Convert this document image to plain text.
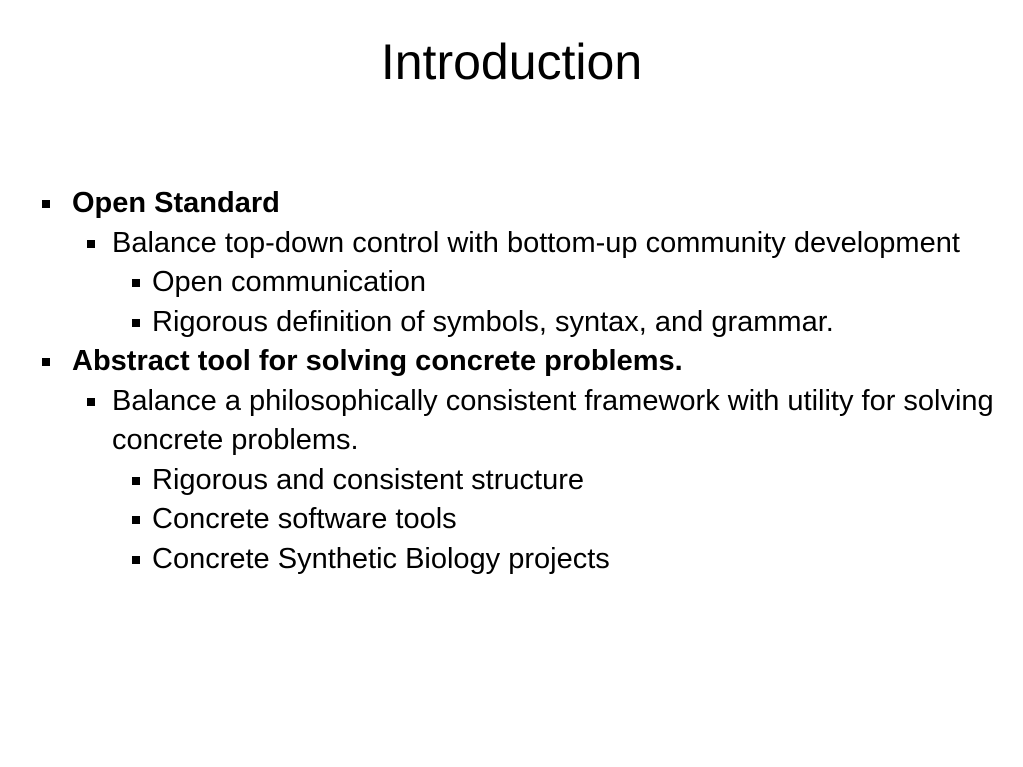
Introduction
Open Standard
Balance top-down control with bottom-up community development
Open communication
Rigorous definition of symbols, syntax, and grammar.
Abstract tool for solving concrete problems.
Balance a philosophically consistent framework with utility for solving concrete problems.
Rigorous and consistent structure
Concrete software tools
Concrete Synthetic Biology projects
